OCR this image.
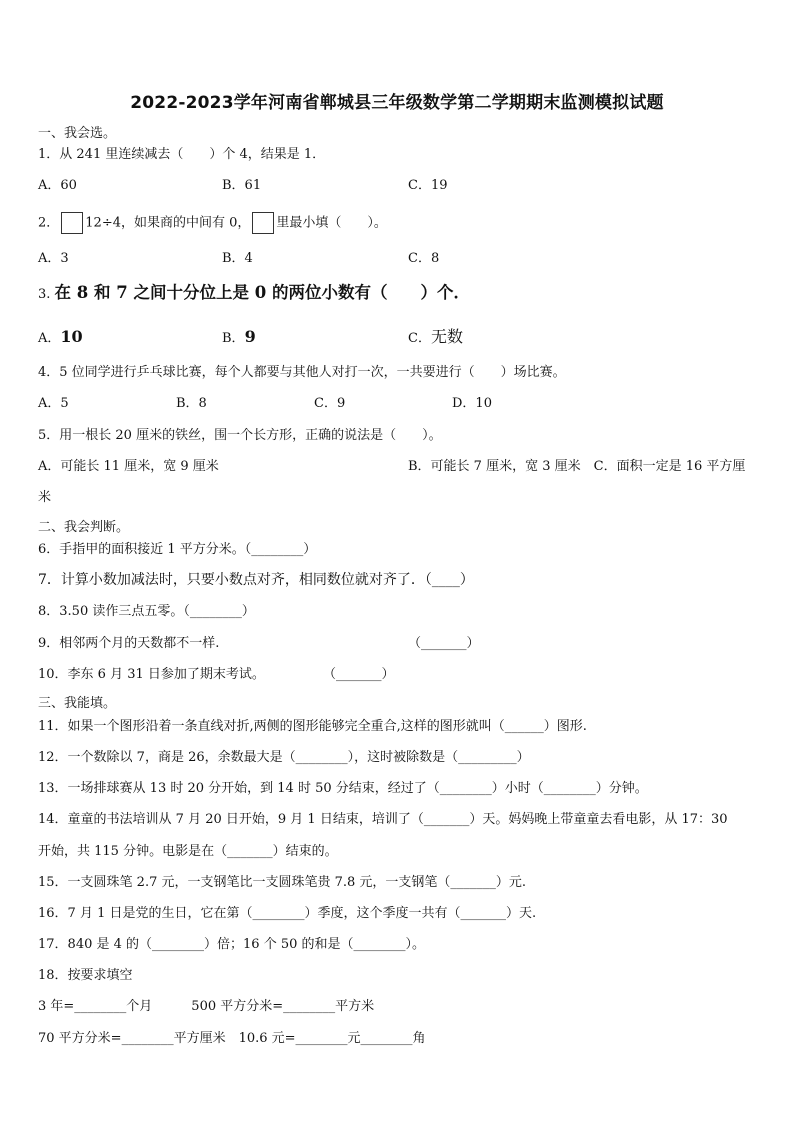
2022-2023学年河南省郸城县三年级数学第二学期期末监测模拟试题
一、我会选。
1．从 241 里连续减去（　　）个 4，结果是 1．
A．60	B．61	C．19
2． 12÷4，如果商的中间有 0， 里最小填（　　）。
A．3	B．4	C．8
3. 在 8 和 7 之间十分位上是 0 的两位小数有（　　）个．
A．10	B．9	C．无数
4．5 位同学进行乒乓球比赛，每个人都要与其他人对打一次，一共要进行（　　）场比赛。
A．5	B．8	C．9	D．10
5．用一根长 20 厘米的铁丝，围一个长方形，正确的说法是（　　）。
A．可能长 11 厘米，宽 9 厘米	B．可能长 7 厘米，宽 3 厘米　C．面积一定是 16 平方厘
米
二、我会判断。
6．手指甲的面积接近 1 平方分米。（________）
7．计算小数加减法时，只要小数点对齐，相同数位就对齐了．（____）
8．3.50 读作三点五零。（________）
9．相邻两个月的天数都不一样.	（_______）
10．李东 6 月 31 日参加了期末考试。	（_______）
三、我能填。
11．如果一个图形沿着一条直线对折,两侧的图形能够完全重合,这样的图形就叫（______）图形.
12．一个数除以 7，商是 26，余数最大是（________），这时被除数是（_________）
13．一场排球赛从 13 时 20 分开始，到 14 时 50 分结束，经过了（________）小时（________）分钟。
14．童童的书法培训从 7 月 20 日开始，9 月 1 日结束，培训了（_______）天。妈妈晚上带童童去看电影，从 17：30
开始，共 115 分钟。电影是在（_______）结束的。
15．一支圆珠笔 2.7 元，一支钢笔比一支圆珠笔贵 7.8 元，一支钢笔（_______）元.
16．7 月 1 日是党的生日，它在第（________）季度，这个季度一共有（_______）天.
17．840 是 4 的（________）倍；16 个 50 的和是（________）。
18．按要求填空
3 年=________个月　　　500 平方分米=________平方米
70 平方分米=________平方厘米　10.6 元=________元________角
